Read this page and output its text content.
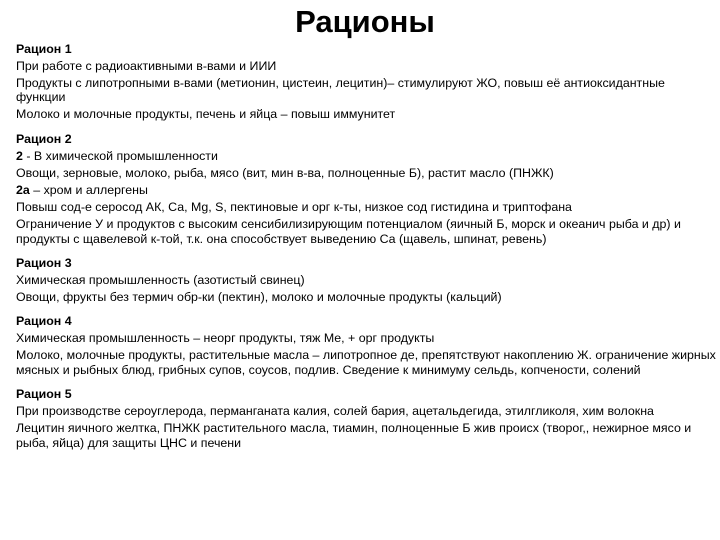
Рационы

Рацион 1

При работе с радиоактивными в-вами и ИИИ

Продукты с липотропными в-вами (метионин, цистеин, лецитин)– стимулируют ЖО, повыш её антиоксидантные функции

Молоко и молочные продукты, печень и яйца – повыш иммунитет

Рацион 2

2 - В химической промышленности

Овощи, зерновые, молоко, рыба, мясо (вит, мин в-ва, полноценные Б), растит масло (ПНЖК)

2а – хром и аллергены

Повыш сод-е серосод АК, Са, Mg, S, пектиновые и орг к-ты, низкое сод гистидина и триптофана

Ограничение У и продуктов с высоким сенсибилизирующим потенциалом (яичный Б, морск и океанич рыба и др) и продукты с щавелевой к-той, т.к. она способствует выведению Са (щавель, шпинат, ревень)

Рацион 3

Химическая промышленность (азотистый свинец)

Овощи, фрукты без термич обр-ки (пектин), молоко и молочные продукты (кальций)

Рацион 4

Химическая промышленность – неорг продукты, тяж Ме, + орг продукты

Молоко, молочные продукты, растительные масла – липотропное де, препятствуют накоплению Ж. ограничение жирных мясных и рыбных блюд, грибных супов, соусов, подлив. Сведение к минимуму сельдь, копчености, солений

Рацион 5

При производстве сероуглерода, перманганата калия, солей бария, ацетальдегида, этилгликоля, хим волокна

Лецитин яичного желтка, ПНЖК растительного масла, тиамин, полноценные Б жив происх (творог,, нежирное мясо и рыба, яйца) для защиты ЦНС и печени
